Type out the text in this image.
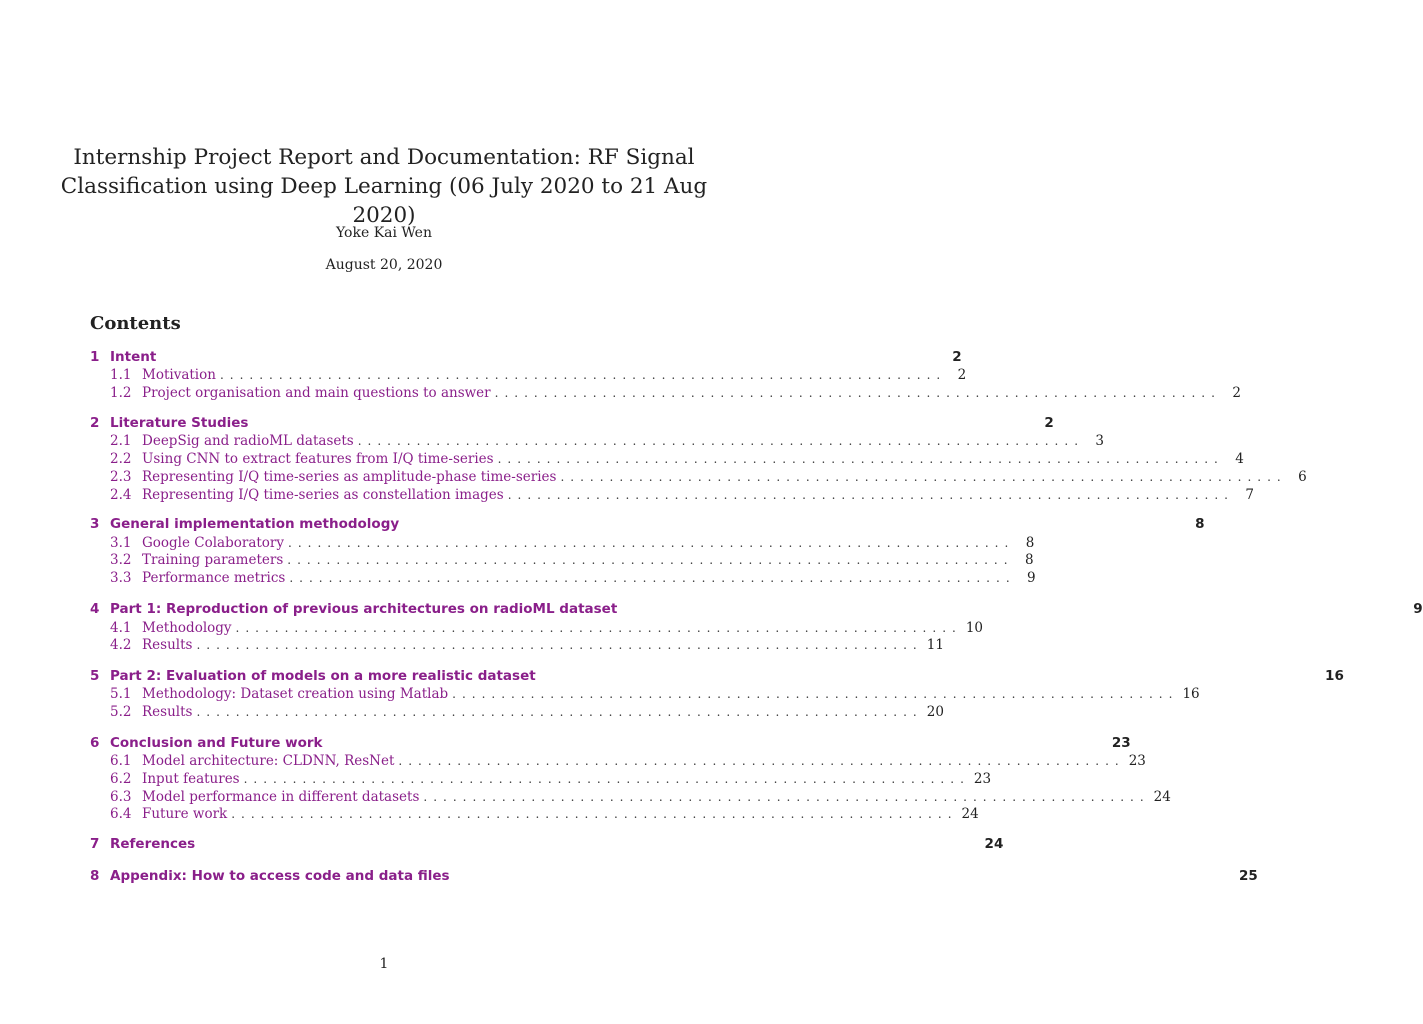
Internship Project Report and Documentation: RF Signal Classification using Deep Learning (06 July 2020 to 21 Aug 2020)
Yoke Kai Wen
August 20, 2020
Contents
1 Intent	2
1.1 Motivation .......................................................................... 2
1.2 Project organisation and main questions to answer .......................................................................... 2
2 Literature Studies	2
2.1 DeepSig and radioML datasets .......................................................................... 3
2.2 Using CNN to extract features from I/Q time-series .......................................................................... 4
2.3 Representing I/Q time-series as amplitude-phase time-series .......................................................................... 6
2.4 Representing I/Q time-series as constellation images .......................................................................... 7
3 General implementation methodology	8
3.1 Google Colaboratory .......................................................................... 8
3.2 Training parameters .......................................................................... 8
3.3 Performance metrics .......................................................................... 9
4 Part 1: Reproduction of previous architectures on radioML dataset	9
4.1 Methodology .......................................................................... 10
4.2 Results .......................................................................... 11
5 Part 2: Evaluation of models on a more realistic dataset	16
5.1 Methodology: Dataset creation using Matlab .......................................................................... 16
5.2 Results .......................................................................... 20
6 Conclusion and Future work	23
6.1 Model architecture: CLDNN, ResNet .......................................................................... 23
6.2 Input features .......................................................................... 23
6.3 Model performance in different datasets .......................................................................... 24
6.4 Future work .......................................................................... 24
7 References	24
8 Appendix: How to access code and data files	25
1
